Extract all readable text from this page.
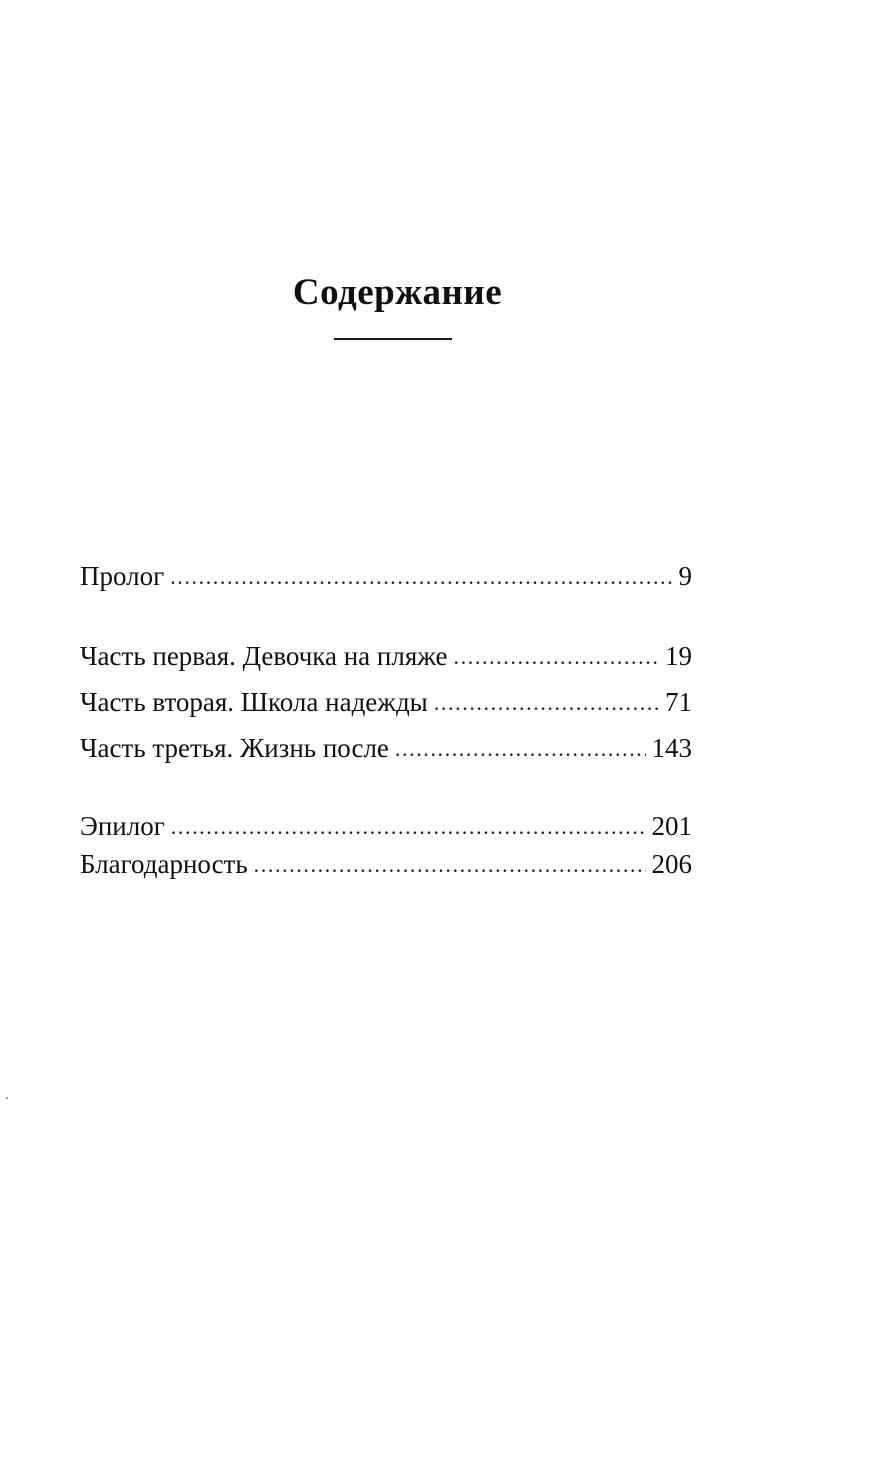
Содержание
Пролог .....	9
Часть первая. Девочка на пляже .....	19
Часть вторая. Школа надежды .....	71
Часть третья. Жизнь после .....	143
Эпилог .....	201
Благодарность .....	206
